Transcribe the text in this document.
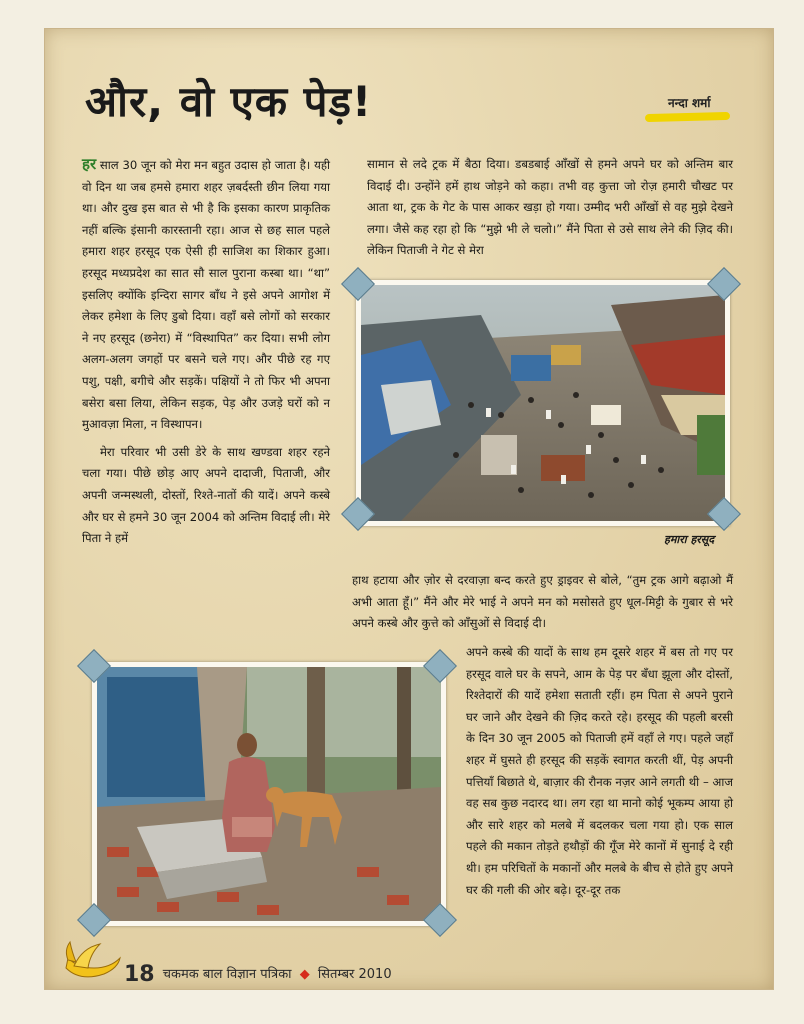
और, वो एक पेड़!	नन्दा शर्मा

हर साल 30 जून को मेरा मन बहुत उदास हो जाता है। यही वो दिन था जब हमसे हमारा शहर ज़बर्दस्ती छीन लिया गया था। और दुख इस बात से भी है कि इसका कारण प्राकृतिक नहीं बल्कि इंसानी कारस्तानी रहा। आज से छह साल पहले हमारा शहर हरसूद एक ऐसी ही साजिश का शिकार हुआ। हरसूद मध्यप्रदेश का सात सौ साल पुराना कस्बा था। “था” इसलिए क्योंकि इन्दिरा सागर बाँध ने इसे अपने आगोश में लेकर हमेशा के लिए डुबो दिया। वहाँ बसे लोगों को सरकार ने नए हरसूद (छनेरा) में “विस्थापित” कर दिया। सभी लोग अलग-अलग जगहों पर बसने चले गए। और पीछे रह गए पशु, पक्षी, बगीचे और सड़कें। पक्षियों ने तो फिर भी अपना बसेरा बसा लिया, लेकिन सड़क, पेड़ और उजड़े घरों को न मुआवज़ा मिला, न विस्थापन।

मेरा परिवार भी उसी डेरे के साथ खण्डवा शहर रहने चला गया। पीछे छोड़ आए अपने दादाजी, पिताजी, और अपनी जन्मस्थली, दोस्तों, रिश्ते-नातों की यादें। अपने कस्बे और घर से हमने 30 जून 2004 को अन्तिम विदाई ली। मेरे पिता ने हमें

सामान से लदे ट्रक में बैठा दिया। डबडबाई आँखों से हमने अपने घर को अन्तिम बार विदाई दी। उन्होंने हमें हाथ जोड़ने को कहा। तभी वह कुत्ता जो रोज़ हमारी चौखट पर आता था, ट्रक के गेट के पास आकर खड़ा हो गया। उम्मीद भरी आँखों से वह मुझे देखने लगा। जैसे कह रहा हो कि “मुझे भी ले चलो।” मैंने पिता से उसे साथ लेने की ज़िद की। लेकिन पिताजी ने गेट से मेरा

हमारा हरसूद

हाथ हटाया और ज़ोर से दरवाज़ा बन्द करते हुए ड्राइवर से बोले, “तुम ट्रक आगे बढ़ाओ मैं अभी आता हूँ।” मैंने और मेरे भाई ने अपने मन को मसोसते हुए धूल-मिट्टी के गुबार से भरे अपने कस्बे और कुत्ते को आँसुओं से विदाई दी।

अपने कस्बे की यादों के साथ हम दूसरे शहर में बस तो गए पर हरसूद वाले घर के सपने, आम के पेड़ पर बँधा झूला और दोस्तों, रिश्तेदारों की यादें हमेशा सताती रहीं। हम पिता से अपने पुराने घर जाने और देखने की ज़िद करते रहे। हरसूद की पहली बरसी के दिन 30 जून 2005 को पिताजी हमें वहाँ ले गए। पहले जहाँ शहर में घुसते ही हरसूद की सड़कें स्वागत करती थीं, पेड़ अपनी पत्तियाँ बिछाते थे, बाज़ार की रौनक नज़र आने लगती थी – आज वह सब कुछ नदारद था। लग रहा था मानो कोई भूकम्प आया हो और सारे शहर को मलबे में बदलकर चला गया हो। एक साल पहले की मकान तोड़ते हथौड़ों की गूँज मेरे कानों में सुनाई दे रही थी। हम परिचितों के मकानों और मलबे के बीच से होते हुए अपने घर की गली की ओर बढ़े। दूर-दूर तक

18 चकमक बाल विज्ञान पत्रिका ◆ सितम्बर 2010
